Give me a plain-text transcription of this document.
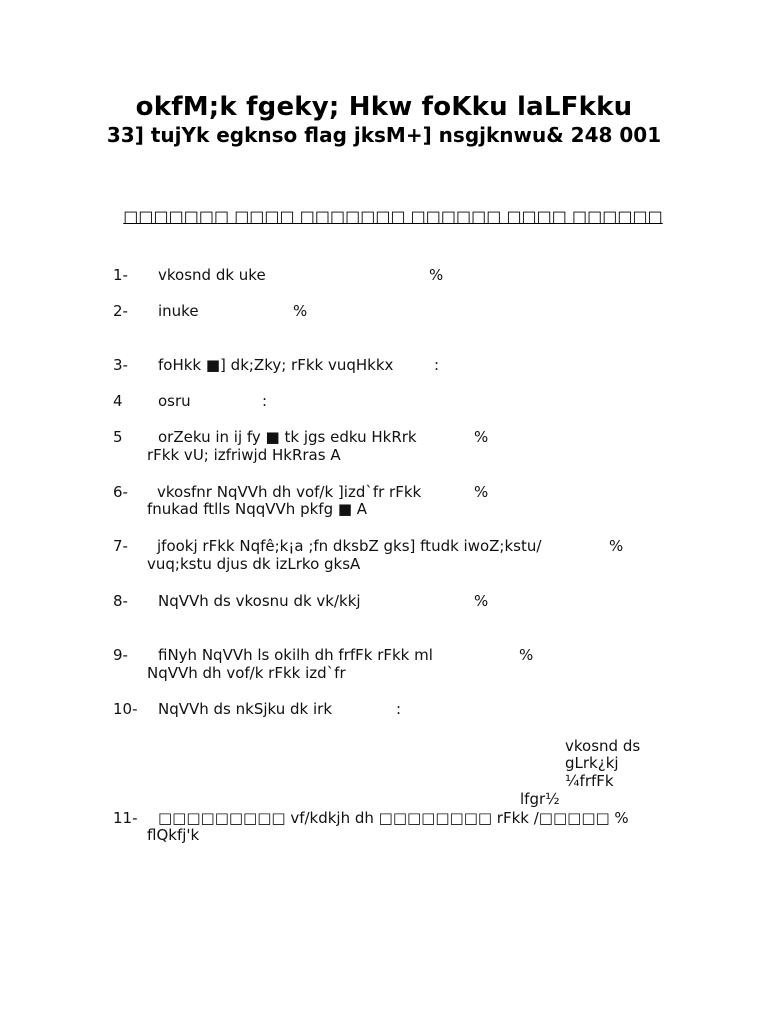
okfM;k fgeky; Hkw foKku laLFkku
33] tujYk egknso flag jksM+] nsgjknwu& 248 001
□□□□□□□ □□□□ □□□□□□□ □□□□□□ □□□□ □□□□□□
1- vkosnd dk uke	%
2- inuke	%
3- foHkk ■] dk;Zky; rFkk vuqHkkx	:
4 osru	:
5 orZeku in ij fy ■ tk jgs edku HkRrk	%
rFkk vU; izfriwjd HkRras A
6- vkosfnr NqVVh dh vof/k ]izd`fr rFkk	%
fnukad ftlls NqqVVh pkfg ■ A
7- jfookj rFkk Nqfê;k¡a ;fn dksbZ gks] ftudk iwoZ;kstu/	%
vuq;kstu djus dk izLrko gksA
8- NqVVh ds vkosnu dk vk/kkj	%
9- fiNyh NqVVh ls okilh dh frfFk rFkk ml	%
NqVVh dh vof/k rFkk izd`fr
10- NqVVh ds nkSjku dk irk	:
vkosnd ds
gLrk¿kj
¼frfFk
lfgr½
11- □□□□□□□□□ vf/kdkjh dh □□□□□□□□ rFkk /□□□□□ %
flQkfj'k
